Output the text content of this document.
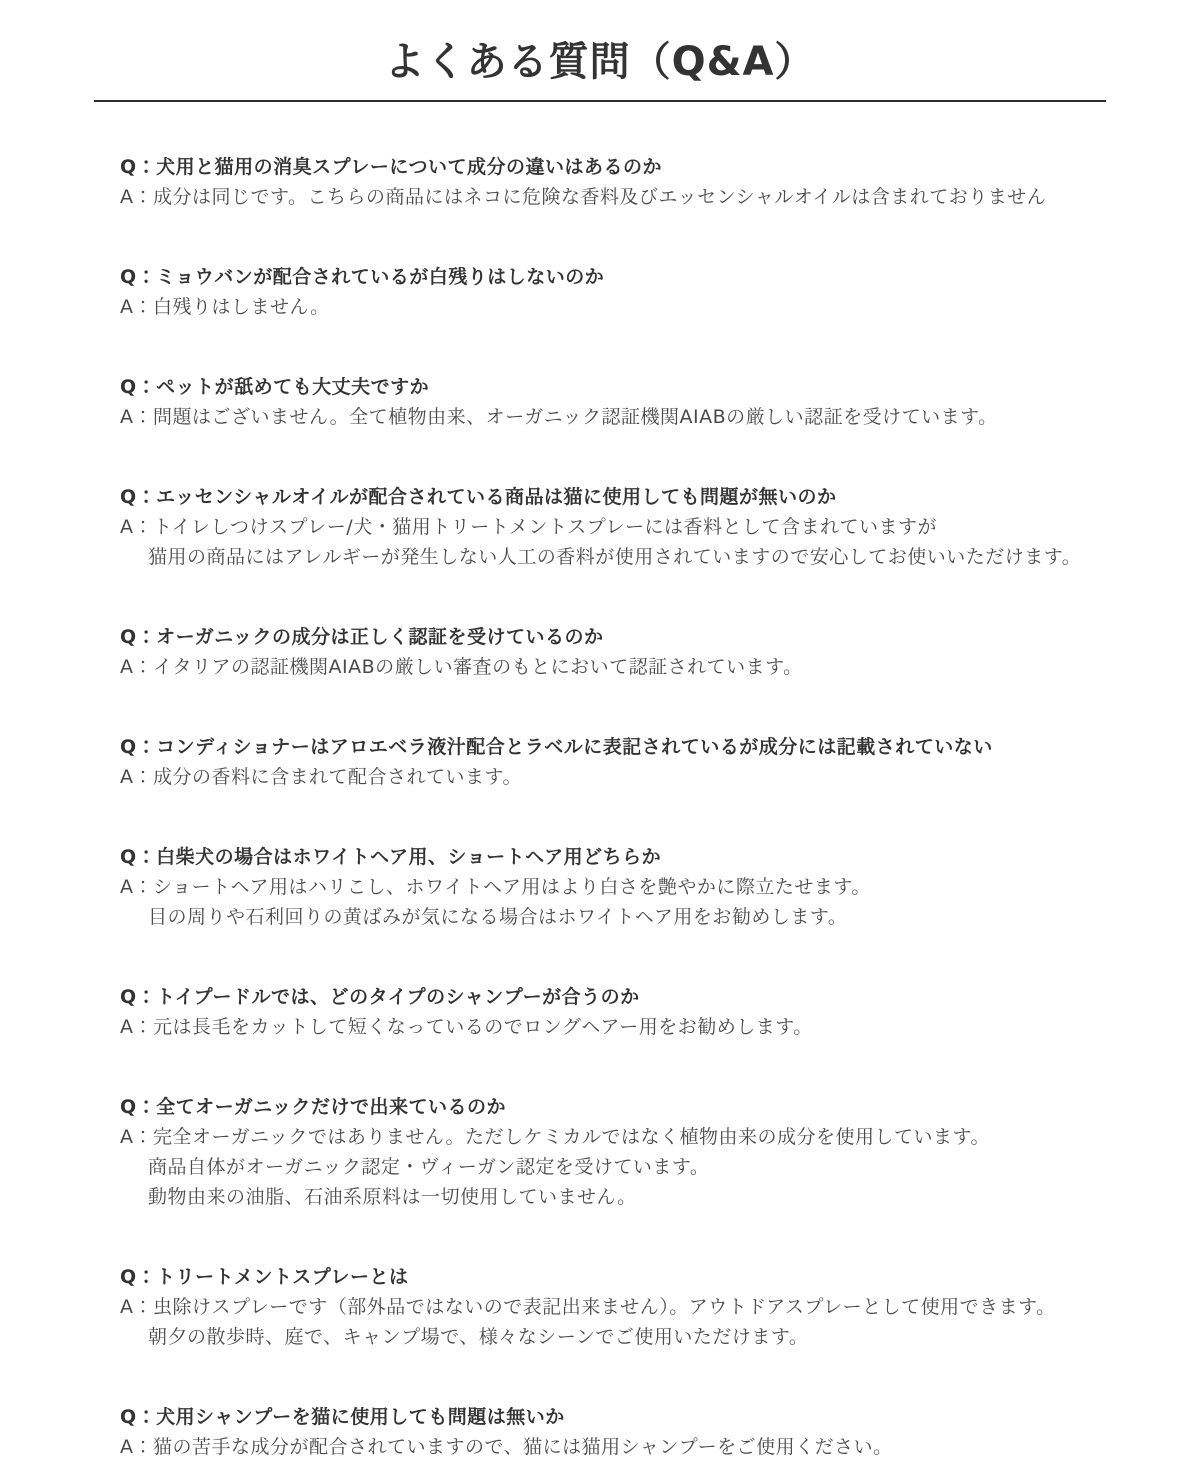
よくある質問（Q&A）
Q：犬用と猫用の消臭スプレーについて成分の違いはあるのか
A：成分は同じです。こちらの商品にはネコに危険な香料及びエッセンシャルオイルは含まれておりません
Q：ミョウバンが配合されているが白残りはしないのか
A：白残りはしません。
Q：ペットが舐めても大丈夫ですか
A：問題はございません。全て植物由来、オーガニック認証機関AIABの厳しい認証を受けています。
Q：エッセンシャルオイルが配合されている商品は猫に使用しても問題が無いのか
A：トイレしつけスプレー/犬・猫用トリートメントスプレーには香料として含まれていますが
猫用の商品にはアレルギーが発生しない人工の香料が使用されていますので安心してお使いいただけます。
Q：オーガニックの成分は正しく認証を受けているのか
A：イタリアの認証機関AIABの厳しい審査のもとにおいて認証されています。
Q：コンディショナーはアロエベラ液汁配合とラベルに表記されているが成分には記載されていない
A：成分の香料に含まれて配合されています。
Q：白柴犬の場合はホワイトヘア用、ショートヘア用どちらか
A：ショートヘア用はハリこし、ホワイトヘア用はより白さを艶やかに際立たせます。
目の周りや石利回りの黄ばみが気になる場合はホワイトヘア用をお勧めします。
Q：トイプードルでは、どのタイプのシャンプーが合うのか
A：元は長毛をカットして短くなっているのでロングヘアー用をお勧めします。
Q：全てオーガニックだけで出来ているのか
A：完全オーガニックではありません。ただしケミカルではなく植物由来の成分を使用しています。
商品自体がオーガニック認定・ヴィーガン認定を受けています。
動物由来の油脂、石油系原料は一切使用していません。
Q：トリートメントスプレーとは
A：虫除けスプレーです（部外品ではないので表記出来ません）。アウトドアスプレーとして使用できます。
朝夕の散歩時、庭で、キャンプ場で、様々なシーンでご使用いただけます。
Q：犬用シャンプーを猫に使用しても問題は無いか
A：猫の苦手な成分が配合されていますので、猫には猫用シャンプーをご使用ください。
